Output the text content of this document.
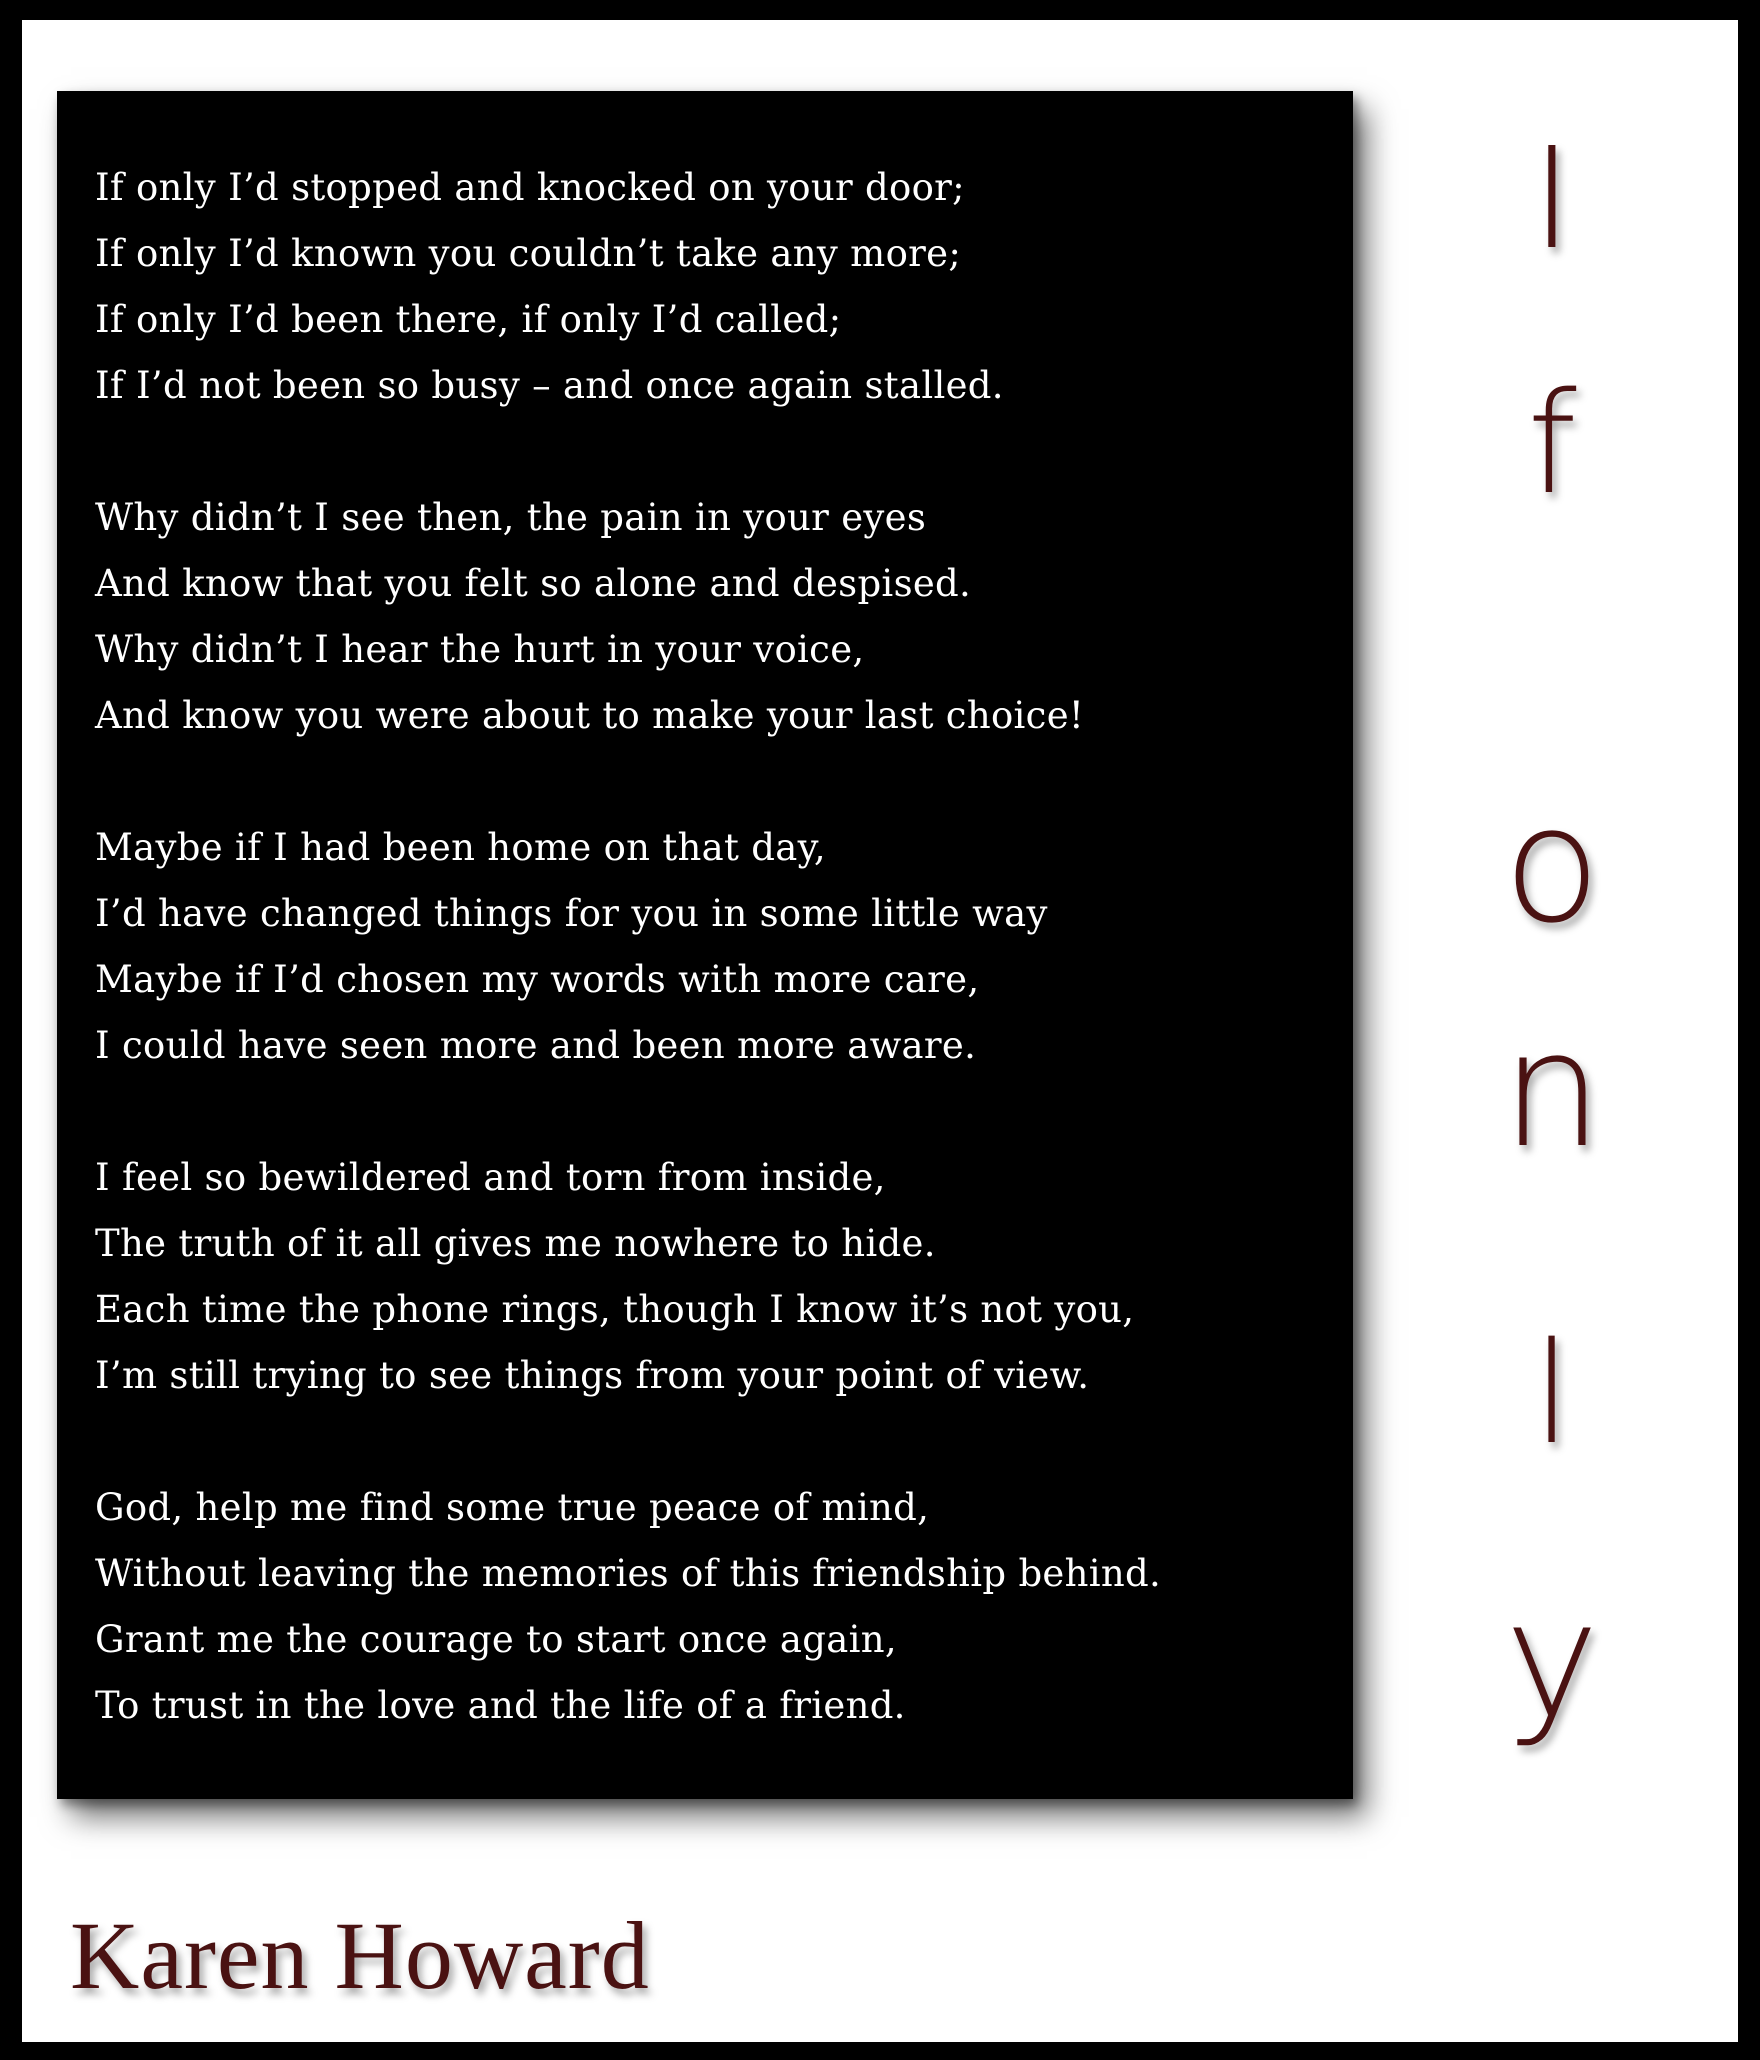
If only I’d stopped and knocked on your door;
If only I’d known you couldn’t take any more;
If only I’d been there, if only I’d called;
If I’d not been so busy – and once again stalled.
Why didn’t I see then, the pain in your eyes
And know that you felt so alone and despised.
Why didn’t I hear the hurt in your voice,
And know you were about to make your last choice!
Maybe if I had been home on that day,
I’d have changed things for you in some little way
Maybe if I’d chosen my words with more care,
I could have seen more and been more aware.
I feel so bewildered and torn from inside,
The truth of it all gives me nowhere to hide.
Each time the phone rings, though I know it’s not you,
I’m still trying to see things from your point of view.
God, help me find some true peace of mind,
Without leaving the memories of this friendship behind.
Grant me the courage to start once again,
To trust in the love and the life of a friend.
I
f
o
n
l
y
Karen Howard
